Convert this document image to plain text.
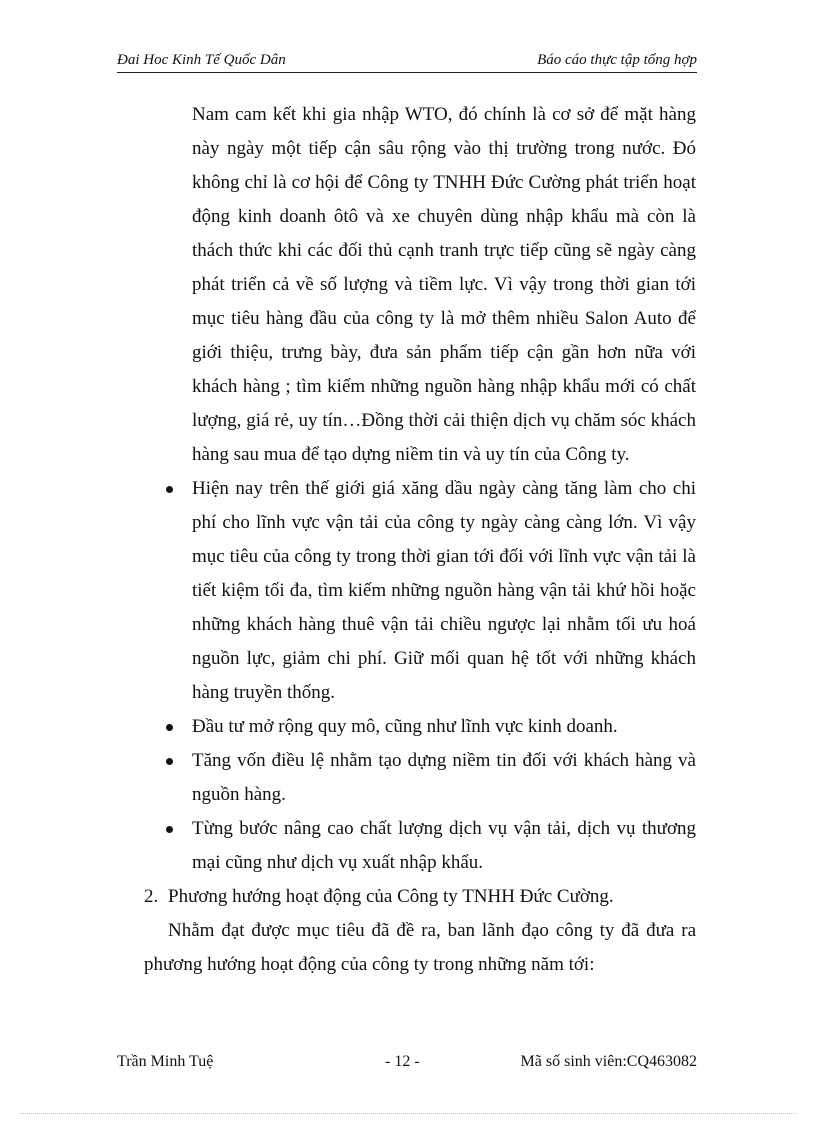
Đai Hoc Kinh Tế Quốc Dân	Báo cáo thực tập tổng hợp

Nam cam kết khi gia nhập WTO, đó chính là cơ sở để mặt hàng này ngày một tiếp cận sâu rộng vào thị trường trong nước. Đó không chỉ là cơ hội để Công ty TNHH Đức Cường phát triển hoạt động kinh doanh ôtô và xe chuyên dùng nhập khẩu mà còn là thách thức khi các đối thủ cạnh tranh trực tiếp cũng sẽ ngày càng phát triển cả về số lượng và tiềm lực. Vì vậy trong thời gian tới mục tiêu hàng đầu của công ty là mở thêm nhiều Salon Auto để giới thiệu, trưng bày, đưa sản phẩm tiếp cận gần hơn nữa với khách hàng ; tìm kiếm những nguồn hàng nhập khẩu mới có chất lượng, giá rẻ, uy tín…Đồng thời cải thiện dịch vụ chăm sóc khách hàng sau mua để tạo dựng niềm tin và uy tín của Công ty.

Hiện nay trên thế giới giá xăng dầu ngày càng tăng làm cho chi phí cho lĩnh vực vận tải của công ty ngày càng càng lớn. Vì vậy mục tiêu của công ty trong thời gian tới đối với lĩnh vực vận tải là tiết kiệm tối đa, tìm kiếm những nguồn hàng vận tải khứ hồi hoặc những khách hàng thuê vận tải chiều ngược lại nhằm tối ưu hoá nguồn lực, giảm chi phí. Giữ mối quan hệ tốt với những khách hàng truyền thống.
Đầu tư mở rộng quy mô, cũng như lĩnh vực kinh doanh.
Tăng vốn điều lệ nhằm tạo dựng niềm tin đối với khách hàng và nguồn hàng.
Từng bước nâng cao chất lượng dịch vụ vận tải, dịch vụ thương mại cũng như dịch vụ xuất nhập khẩu.

2. Phương hướng hoạt động của Công ty TNHH Đức Cường.

Nhằm đạt được mục tiêu đã đề ra, ban lãnh đạo công ty đã đưa ra phương hướng hoạt động của công ty trong những năm tới:

Trần Minh Tuệ	- 12 -	Mã số sinh viên:CQ463082
